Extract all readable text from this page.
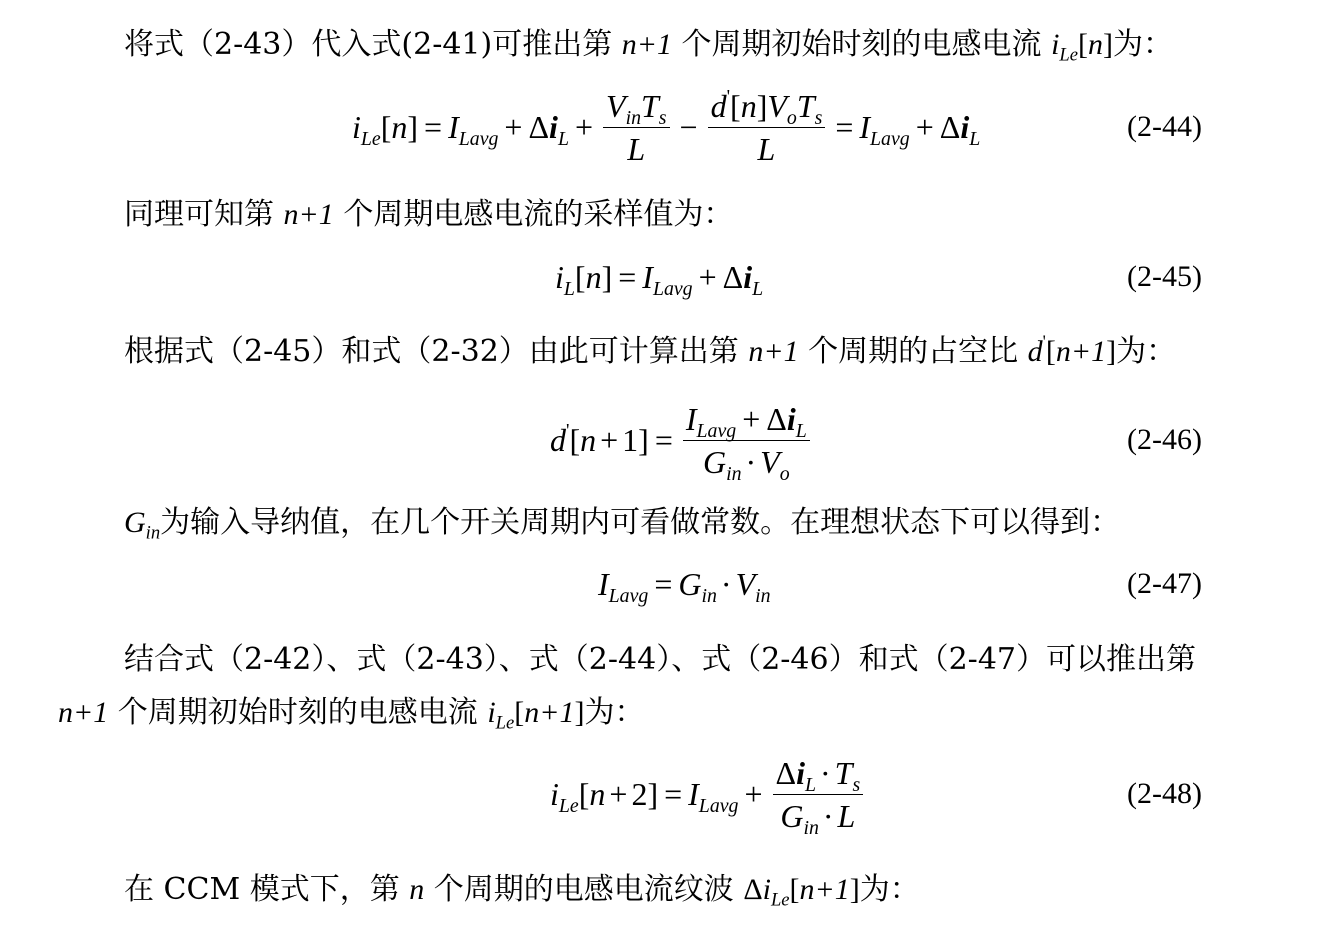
将式（2-43）代入式(2-41)可推出第 n+1 个周期初始时刻的电感电流 $i_{Le}[n]$为：
$i_{Le}$ [ n ] = $I_{Lavg} + \Delta i_L + \frac{V_{in}T_s}{L} - \frac{d'[n]V_oT_s}{L} = I_{Lavg} + \Delta i_L$	(2-44)
同理可知第 n+1 个周期电感电流的采样值为：
$i_L$ [ n ] = $I_{Lavg} + \Delta i_L$	(2-45)
根据式（2-45）和式（2-32）由此可计算出第 n+1 个周期的占空比 d'[n+1]为：
d' [ $n + 1] = \frac{I_{Lavg} + \Delta i_L}{G_{in} \cdot V_o}$	(2-46)
$G_{in}$为输入导纳值，在几个开关周期内可看做常数。在理想状态下可以得到：
$I_{Lavg} = G_{in} \cdot V_{in}$	(2-47)
结合式（2-42）、式（2-43）、式（2-44）、式（2-46）和式（2-47）可以推出第
n+1 个周期初始时刻的电感电流 $i_{Le}[n+1]$为：
$i_{Le}$ [ $n + 2] = I_{Lavg} + \frac{\Delta i_L \cdot T_s}{G_{in} \cdot L}$	(2-48)
在 CCM 模式下，第 n 个周期的电感电流纹波 $\Delta i_{Le}[n+1]$为：
